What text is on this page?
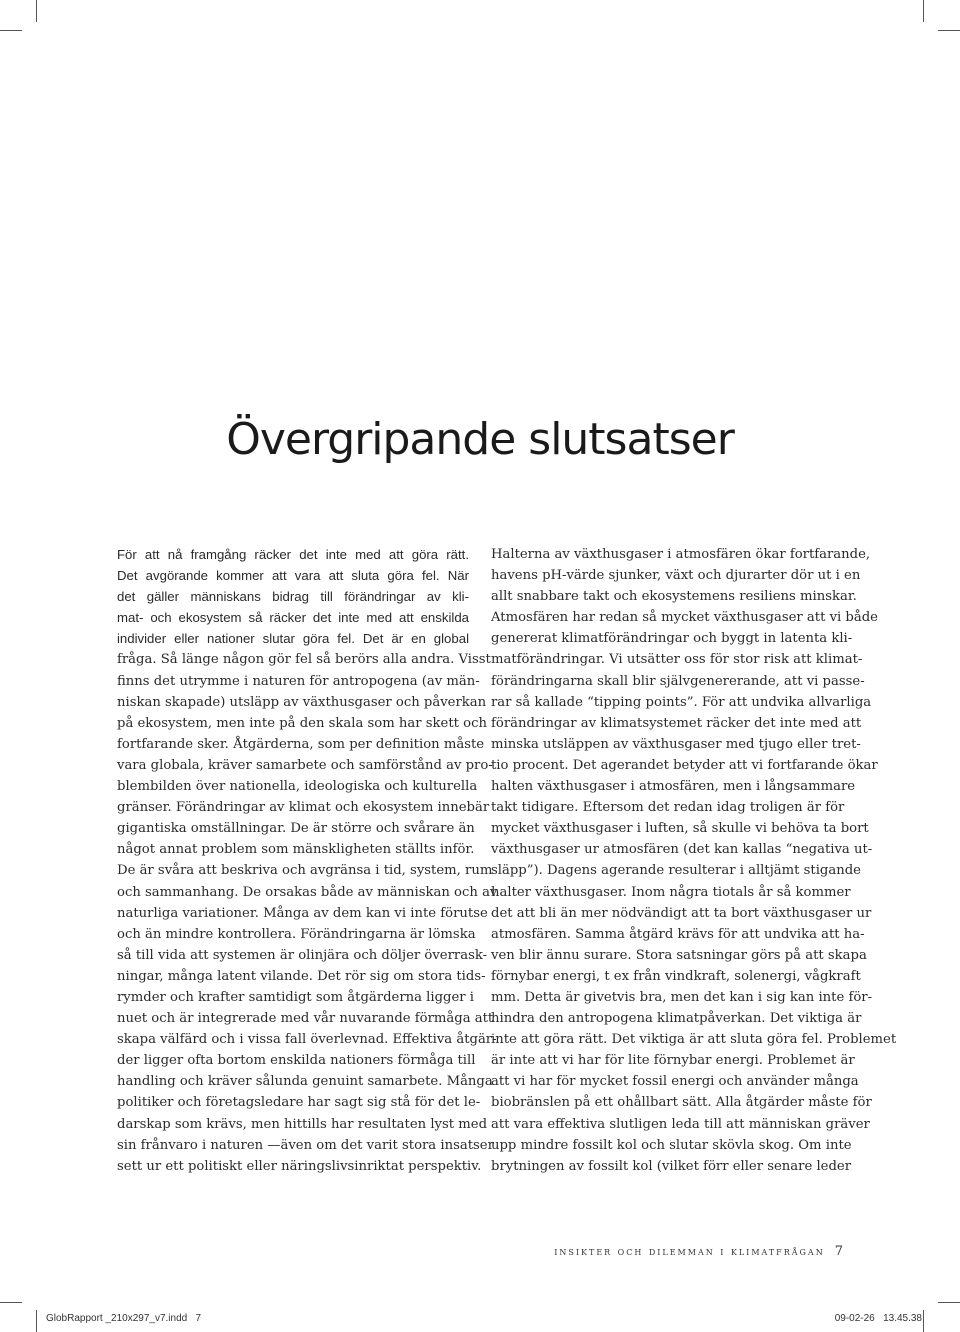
Övergripande slutsatser
För att nå framgång räcker det inte med att göra rätt.
Det avgörande kommer att vara att sluta göra fel. När
det gäller människans bidrag till förändringar av kli-
mat- och ekosystem så räcker det inte med att enskilda
individer eller nationer slutar göra fel. Det är en global
fråga. Så länge någon gör fel så berörs alla andra. Visst
finns det utrymme i naturen för antropogena (av män-
niskan skapade) utsläpp av växthusgaser och påverkan
på ekosystem, men inte på den skala som har skett och
fortfarande sker. Åtgärderna, som per definition måste
vara globala, kräver samarbete och samförstånd av pro-
blembilden över nationella, ideologiska och kulturella
gränser. Förändringar av klimat och ekosystem innebär
gigantiska omställningar. De är större och svårare än
något annat problem som mänskligheten ställts inför.
De är svåra att beskriva och avgränsa i tid, system, rum
och sammanhang. De orsakas både av människan och av
naturliga variationer. Många av dem kan vi inte förutse
och än mindre kontrollera. Förändringarna är lömska
så till vida att systemen är olinjära och döljer överrask-
ningar, många latent vilande. Det rör sig om stora tids-
rymder och krafter samtidigt som åtgärderna ligger i
nuet och är integrerade med vår nuvarande förmåga att
skapa välfärd och i vissa fall överlevnad. Effektiva åtgär-
der ligger ofta bortom enskilda nationers förmåga till
handling och kräver sålunda genuint samarbete. Många
politiker och företagsledare har sagt sig stå för det le-
darskap som krävs, men hittills har resultaten lyst med
sin frånvaro i naturen —även om det varit stora insatser
sett ur ett politiskt eller näringslivsinriktat perspektiv.
Halterna av växthusgaser i atmosfären ökar fortfarande,
havens pH-värde sjunker, växt och djurarter dör ut i en
allt snabbare takt och ekosystemens resiliens minskar.
Atmosfären har redan så mycket växthusgaser att vi både
genererat klimatförändringar och byggt in latenta kli-
matförändringar. Vi utsätter oss för stor risk att klimat-
förändringarna skall blir självgenererande, att vi passe-
rar så kallade “tipping points”. För att undvika allvarliga
förändringar av klimatsystemet räcker det inte med att
minska utsläppen av växthusgaser med tjugo eller tret-
tio procent. Det agerandet betyder att vi fortfarande ökar
halten växthusgaser i atmosfären, men i långsammare
takt tidigare. Eftersom det redan idag troligen är för
mycket växthusgaser i luften, så skulle vi behöva ta bort
växthusgaser ur atmosfären (det kan kallas “negativa ut-
släpp”). Dagens agerande resulterar i alltjämt stigande
halter växthusgaser. Inom några tiotals år så kommer
det att bli än mer nödvändigt att ta bort växthusgaser ur
atmosfären. Samma åtgärd krävs för att undvika att ha-
ven blir ännu surare. Stora satsningar görs på att skapa
förnybar energi, t ex från vindkraft, solenergi, vågkraft
mm. Detta är givetvis bra, men det kan i sig kan inte för-
hindra den antropogena klimatpåverkan. Det viktiga är
inte att göra rätt. Det viktiga är att sluta göra fel. Problemet
är inte att vi har för lite förnybar energi. Problemet är
att vi har för mycket fossil energi och använder många
biobränslen på ett ohållbart sätt. Alla åtgärder måste för
att vara effektiva slutligen leda till att människan gräver
upp mindre fossilt kol och slutar skövla skog. Om inte
brytningen av fossilt kol (vilket förr eller senare leder
insikter och dilemman i klimatfrågan 7
GlobRapport _210x297_v7.indd   7	09-02-26   13.45.38
